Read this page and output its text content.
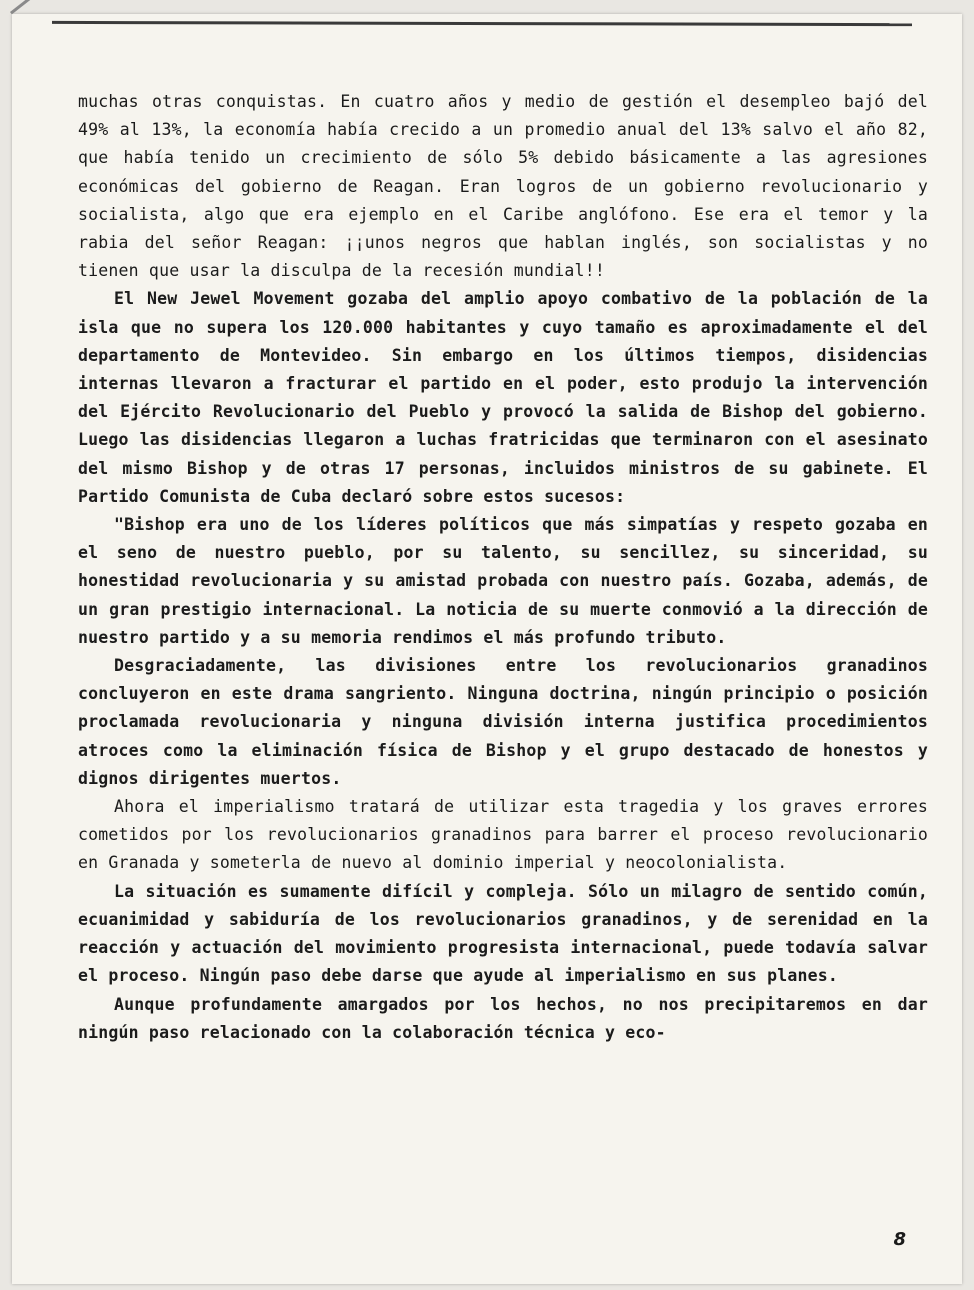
muchas otras conquistas. En cuatro años y medio de gestión el desempleo bajó del 49% al 13%, la economía había crecido a un promedio anual del 13% salvo el año 82, que había tenido un crecimiento de sólo 5% debido básicamente a las agresiones económicas del gobierno de Reagan. Eran logros de un gobierno revolucionario y socialista, algo que era ejemplo en el Caribe anglófono. Ese era el temor y la rabia del señor Reagan: ¡¡unos negros que hablan inglés, son socialistas y no tienen que usar la disculpa de la recesión mundial!!

El New Jewel Movement gozaba del amplio apoyo combativo de la población de la isla que no supera los 120.000 habitantes y cuyo tamaño es aproximadamente el del departamento de Montevideo. Sin embargo en los últimos tiempos, disidencias internas llevaron a fracturar el partido en el poder, esto produjo la intervención del Ejército Revolucionario del Pueblo y provocó la salida de Bishop del gobierno. Luego las disidencias llegaron a luchas fratricidas que terminaron con el asesinato del mismo Bishop y de otras 17 personas, incluidos ministros de su gabinete. El Partido Comunista de Cuba declaró sobre estos sucesos:

"Bishop era uno de los líderes políticos que más simpatías y respeto gozaba en el seno de nuestro pueblo, por su talento, su sencillez, su sinceridad, su honestidad revolucionaria y su amistad probada con nuestro país. Gozaba, además, de un gran prestigio internacional. La noticia de su muerte conmovió a la dirección de nuestro partido y a su memoria rendimos el más profundo tributo.

Desgraciadamente, las divisiones entre los revolucionarios granadinos concluyeron en este drama sangriento. Ninguna doctrina, ningún principio o posición proclamada revolucionaria y ninguna división interna justifica procedimientos atroces como la eliminación física de Bishop y el grupo destacado de honestos y dignos dirigentes muertos.

Ahora el imperialismo tratará de utilizar esta tragedia y los graves errores cometidos por los revolucionarios granadinos para barrer el proceso revolucionario en Granada y someterla de nuevo al dominio imperial y neocolonialista.

La situación es sumamente difícil y compleja. Sólo un milagro de sentido común, ecuanimidad y sabiduría de los revolucionarios granadinos, y de serenidad en la reacción y actuación del movimiento progresista internacional, puede todavía salvar el proceso. Ningún paso debe darse que ayude al imperialismo en sus planes.

Aunque profundamente amargados por los hechos, no nos precipitaremos en dar ningún paso relacionado con la colaboración técnica y eco-

8
